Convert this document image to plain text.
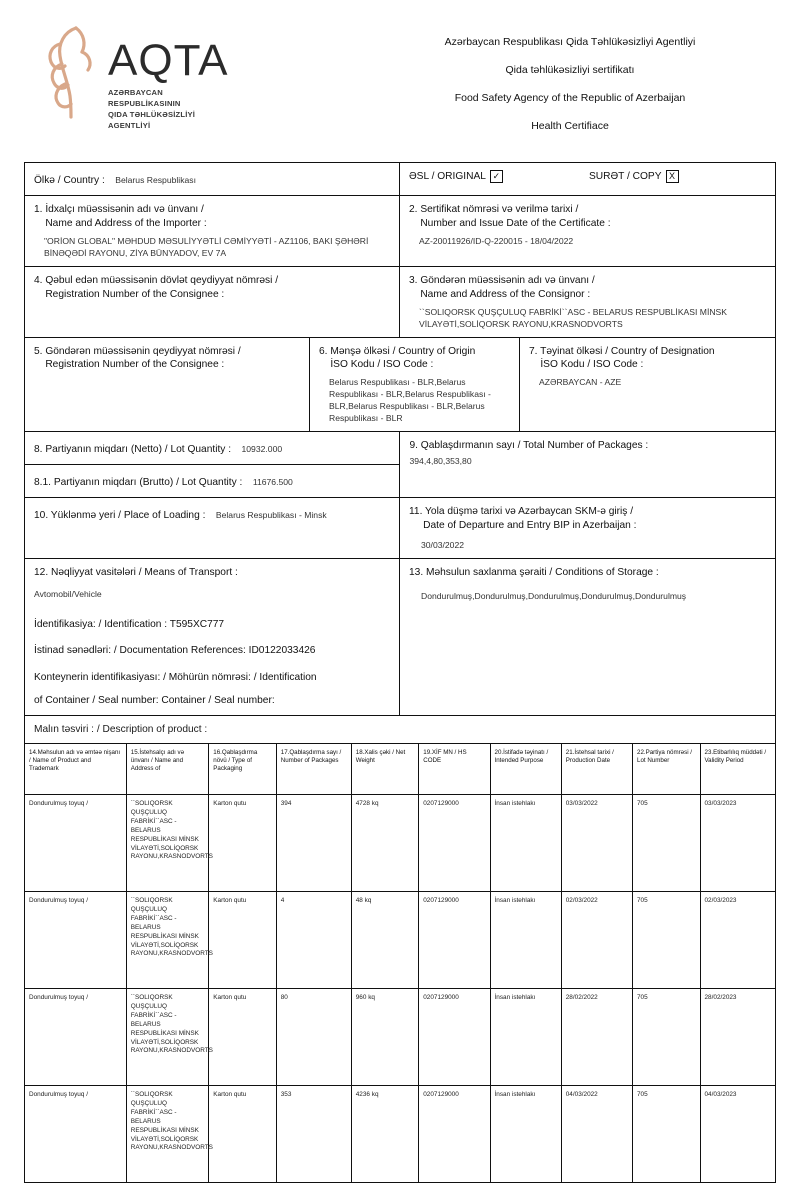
AQTA
AZƏRBAYCAN
RESPUBLİKASININ
QIDA TƏHLÜKƏSİZLİYİ
AGENTLİYİ
Azərbaycan Respublikası Qida Təhlükəsizliyi Agentliyi
Qida təhlükəsizliyi sertifikatı
Food Safety Agency of the Republic of Azerbaijan
Health Certifiace
Ölkə / Country : Belarus Respublikası	ƏSL / ORIGINAL ✓	SURƏT / COPY X
1. İdxalçı müəssisənin adı və ünvanı /
Name and Address of the Importer :
"ORİON GLOBAL" MƏHDUD MƏSULİYYƏTLİ CƏMİYYƏTİ - AZ1106, BAKI ŞƏHƏRİ BİNƏQƏDİ RAYONU, ZİYA BÜNYADOV, EV 7A
2. Sertifikat nömrəsi və verilmə tarixi /
Number and Issue Date of the Certificate :
AZ-20011926/ID-Q-220015 - 18/04/2022
4. Qəbul edən müəssisənin dövlət qeydiyyat nömrəsi /
Registration Number of the Consignee :
3. Göndərən müəssisənin adı və ünvanı /
Name and Address of the Consignor :
``SOLIQORSK QUŞÇULUQ FABRİKİ``ASC - BELARUS RESPUBLİKASI MİNSK VİLAYƏTİ,SOLİQORSK RAYONU,KRASNODVORTS
5. Göndərən müəssisənin qeydiyyat nömrəsi /
Registration Number of the Consignee :
6. Mənşə ölkəsi / Country of Origin
İSO Kodu / ISO Code :
Belarus Respublikası - BLR,Belarus Respublikası - BLR,Belarus Respublikası - BLR,Belarus Respublikası - BLR,Belarus Respublikası - BLR
7. Təyinat ölkəsi / Country of Designation
İSO Kodu / ISO Code :
AZƏRBAYCAN - AZE
8. Partiyanın miqdarı (Netto) / Lot Quantity : 10932.000
8.1. Partiyanın miqdarı (Brutto) / Lot Quantity : 11676.500
9. Qablaşdırmanın sayı / Total Number of Packages :
394,4,80,353,80
10. Yüklənmə yeri / Place of Loading : Belarus Respublikası - Minsk	11. Yola düşmə tarixi və Azərbaycan SKM-ə giriş /
Date of Departure and Entry BIP in Azerbaijan :
30/03/2022
12. Nəqliyyat vasitələri / Means of Transport :
Avtomobil/Vehicle
İdentifikasiya: / Identification : T595XC777
İstinad sənədləri: / Documentation References: ID0122033426
Konteynerin identifikasiyası: / Möhürün nömrəsi: / Identification
of Container / Seal number: Container / Seal number:
13. Məhsulun saxlanma şəraiti / Conditions of Storage :
Dondurulmuş,Dondurulmuş,Dondurulmuş,Dondurulmuş,Dondurulmuş
Malın təsviri : / Description of product :
14.Məhsulun adı və əmtəə nişanı / Name of Product and Trademark	15.İstehsalçı adı və ünvanı / Name and Address of	16.Qablaşdırma növü / Type of Packaging	17.Qablaşdırma sayı / Number of Packages	18.Xalis çəki / Net Weight	19.XİF MN / HS CODE	20.İstifadə təyinatı / Intended Purpose	21.İstehsal tarixi / Production Date	22.Partiya nömrəsi / Lot Number	23.Etibarlılıq müddəti / Validity Period
Dondurulmuş toyuq /	``SOLIQORSK QUŞÇULUQ FABRİKİ``ASC - BELARUS RESPUBLİKASI MİNSK VİLAYƏTİ,SOLİQORSK RAYONU,KRASNODVORTS	Karton qutu	394	4728 kq	0207129000	İnsan istehlakı	03/03/2022	705	03/03/2023
Dondurulmuş toyuq /	``SOLIQORSK QUŞÇULUQ FABRİKİ``ASC - BELARUS RESPUBLİKASI MİNSK VİLAYƏTİ,SOLİQORSK RAYONU,KRASNODVORTS	Karton qutu	4	48 kq	0207129000	İnsan istehlakı	02/03/2022	705	02/03/2023
Dondurulmuş toyuq /	``SOLIQORSK QUŞÇULUQ FABRİKİ``ASC - BELARUS RESPUBLİKASI MİNSK VİLAYƏTİ,SOLİQORSK RAYONU,KRASNODVORTS	Karton qutu	80	960 kq	0207129000	İnsan istehlakı	28/02/2022	705	28/02/2023
Dondurulmuş toyuq /	``SOLIQORSK QUŞÇULUQ FABRİKİ``ASC - BELARUS RESPUBLİKASI MİNSK VİLAYƏTİ,SOLİQORSK RAYONU,KRASNODVORTS	Karton qutu	353	4236 kq	0207129000	İnsan istehlakı	04/03/2022	705	04/03/2023
